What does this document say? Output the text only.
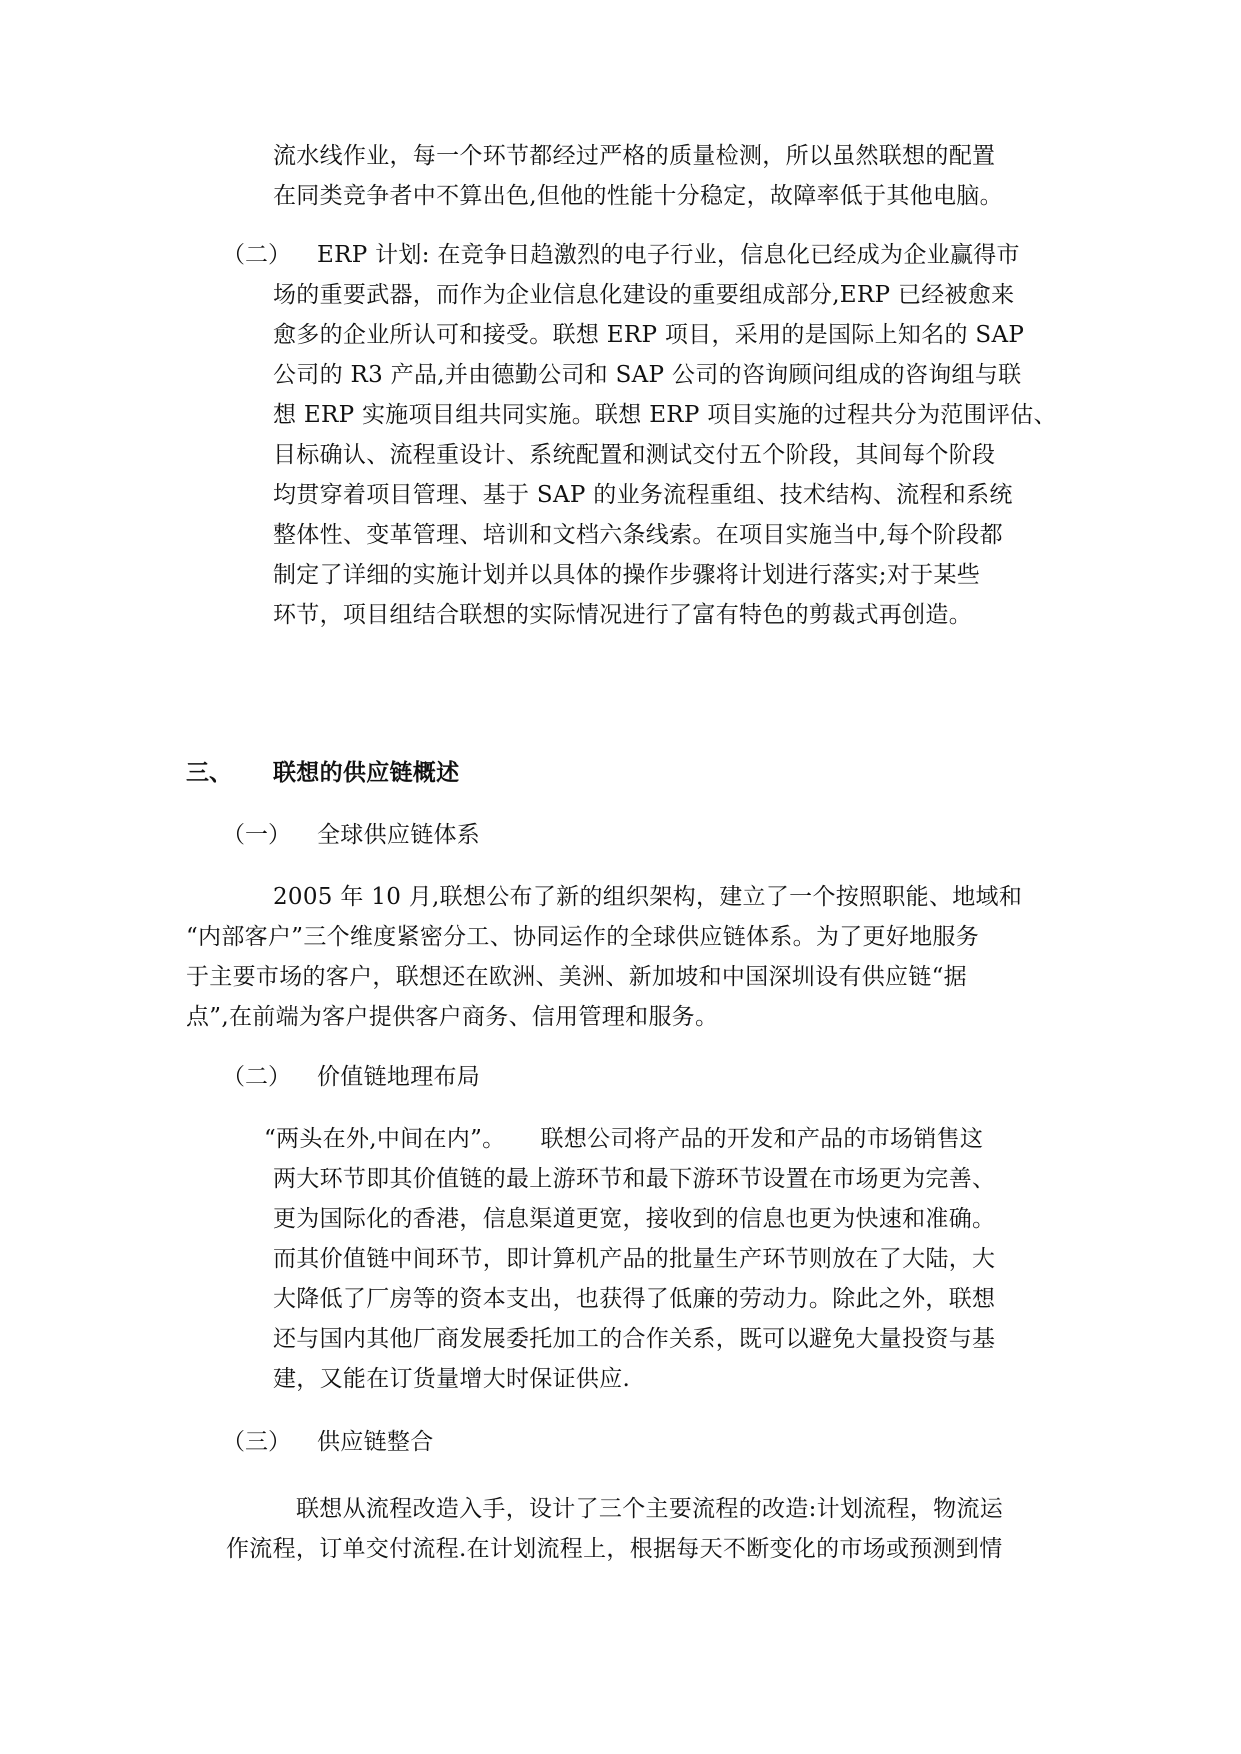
流水线作业，每一个环节都经过严格的质量检测，所以虽然联想的配置
在同类竞争者中不算出色,但他的性能十分稳定，故障率低于其他电脑。
（二） ERP 计划: 在竞争日趋激烈的电子行业，信息化已经成为企业赢得市
场的重要武器，而作为企业信息化建设的重要组成部分,ERP 已经被愈来
愈多的企业所认可和接受。联想 ERP 项目，采用的是国际上知名的 SAP
公司的 R3 产品,并由德勤公司和 SAP 公司的咨询顾问组成的咨询组与联
想 ERP 实施项目组共同实施。联想 ERP 项目实施的过程共分为范围评估、
目标确认、流程重设计、系统配置和测试交付五个阶段，其间每个阶段
均贯穿着项目管理、基于 SAP 的业务流程重组、技术结构、流程和系统
整体性、变革管理、培训和文档六条线索。在项目实施当中,每个阶段都
制定了详细的实施计划并以具体的操作步骤将计划进行落实;对于某些
环节，项目组结合联想的实际情况进行了富有特色的剪裁式再创造。
三、 联想的供应链概述
（一） 全球供应链体系
2005 年 10 月,联想公布了新的组织架构，建立了一个按照职能、地域和
“内部客户”三个维度紧密分工、协同运作的全球供应链体系。为了更好地服务
于主要市场的客户，联想还在欧洲、美洲、新加坡和中国深圳设有供应链“据
点”,在前端为客户提供客户商务、信用管理和服务。
（二） 价值链地理布局
“两头在外,中间在内”。　　联想公司将产品的开发和产品的市场销售这
两大环节即其价值链的最上游环节和最下游环节设置在市场更为完善、
更为国际化的香港，信息渠道更宽，接收到的信息也更为快速和准确。
而其价值链中间环节，即计算机产品的批量生产环节则放在了大陆，大
大降低了厂房等的资本支出，也获得了低廉的劳动力。除此之外，联想
还与国内其他厂商发展委托加工的合作关系，既可以避免大量投资与基
建，又能在订货量增大时保证供应.
（三） 供应链整合
联想从流程改造入手，设计了三个主要流程的改造:计划流程，物流运
作流程，订单交付流程.在计划流程上，根据每天不断变化的市场或预测到情
